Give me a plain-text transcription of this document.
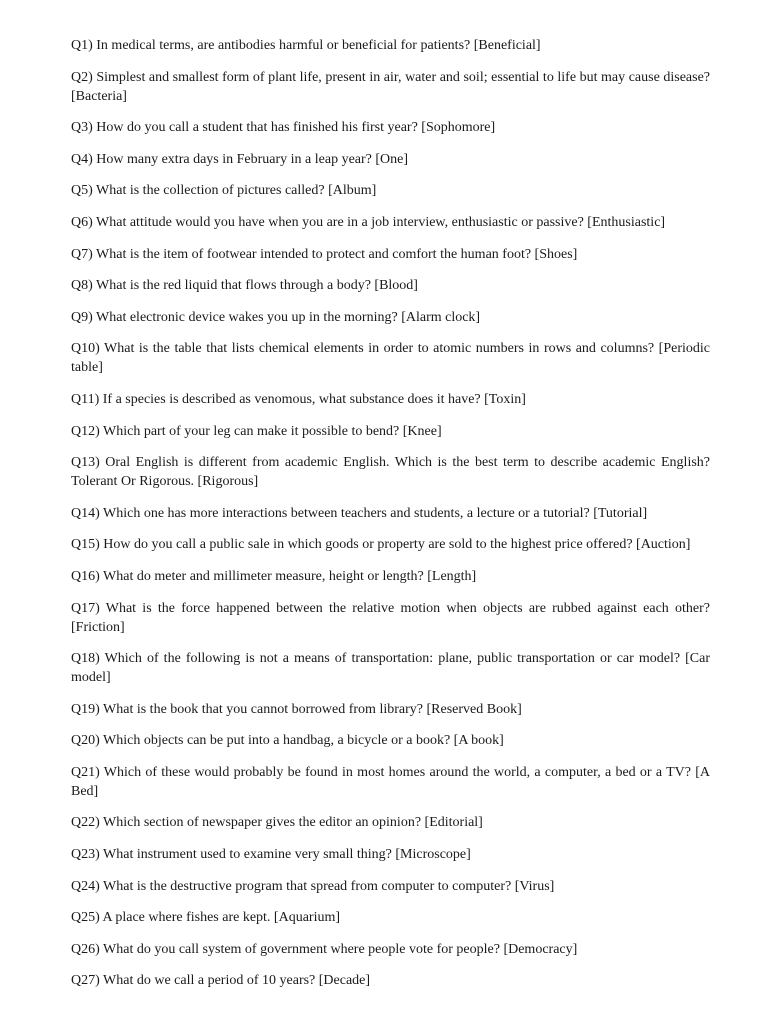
Q1) In medical terms, are antibodies harmful or beneficial for patients? [Beneficial]
Q2) Simplest and smallest form of plant life, present in air, water and soil; essential to life but may cause disease? [Bacteria]
Q3) How do you call a student that has finished his first year? [Sophomore]
Q4) How many extra days in February in a leap year? [One]
Q5) What is the collection of pictures called? [Album]
Q6) What attitude would you have when you are in a job interview, enthusiastic or passive? [Enthusiastic]
Q7) What is the item of footwear intended to protect and comfort the human foot? [Shoes]
Q8) What is the red liquid that flows through a body? [Blood]
Q9) What electronic device wakes you up in the morning? [Alarm clock]
Q10) What is the table that lists chemical elements in order to atomic numbers in rows and columns? [Periodic table]
Q11) If a species is described as venomous, what substance does it have? [Toxin]
Q12) Which part of your leg can make it possible to bend? [Knee]
Q13) Oral English is different from academic English. Which is the best term to describe academic English? Tolerant Or Rigorous. [Rigorous]
Q14) Which one has more interactions between teachers and students, a lecture or a tutorial? [Tutorial]
Q15) How do you call a public sale in which goods or property are sold to the highest price offered? [Auction]
Q16) What do meter and millimeter measure, height or length? [Length]
Q17) What is the force happened between the relative motion when objects are rubbed against each other? [Friction]
Q18) Which of the following is not a means of transportation: plane, public transportation or car model? [Car model]
Q19) What is the book that you cannot borrowed from library? [Reserved Book]
Q20) Which objects can be put into a handbag, a bicycle or a book? [A book]
Q21) Which of these would probably be found in most homes around the world, a computer, a bed or a TV? [A Bed]
Q22) Which section of newspaper gives the editor an opinion? [Editorial]
Q23) What instrument used to examine very small thing? [Microscope]
Q24) What is the destructive program that spread from computer to computer? [Virus]
Q25) A place where fishes are kept. [Aquarium]
Q26) What do you call system of government where people vote for people? [Democracy]
Q27) What do we call a period of 10 years? [Decade]
